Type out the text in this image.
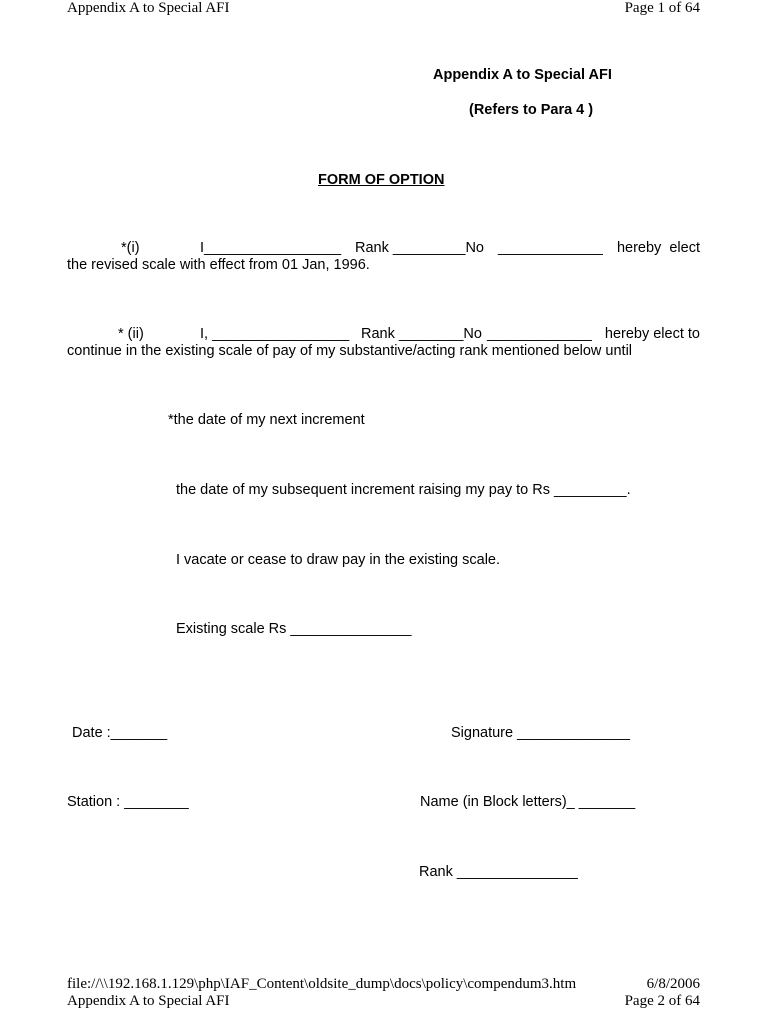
Appendix A to Special AFI	Page 1 of 64
Appendix A to Special AFI
(Refers to Para 4 )
FORM OF OPTION
*(i)	I_________________ Rank _________No _____________ hereby  elect
the revised scale with effect from 01 Jan, 1996.
* (ii)	I, _________________ Rank ________No _____________ hereby elect to
continue in the existing scale of pay of my substantive/acting rank mentioned below until
*the date of my next increment
the date of my subsequent increment raising my pay to Rs _________.
I vacate or cease to draw pay in the existing scale.
Existing scale Rs _______________
Date :_______	Signature ______________
Station : ________	Name (in Block letters)_ _______
Rank _______________
file://\\192.168.1.129\php\IAF_Content\oldsite_dump\docs\policy\compendum3.htm	6/8/2006
Appendix A to Special AFI	Page 2 of 64
